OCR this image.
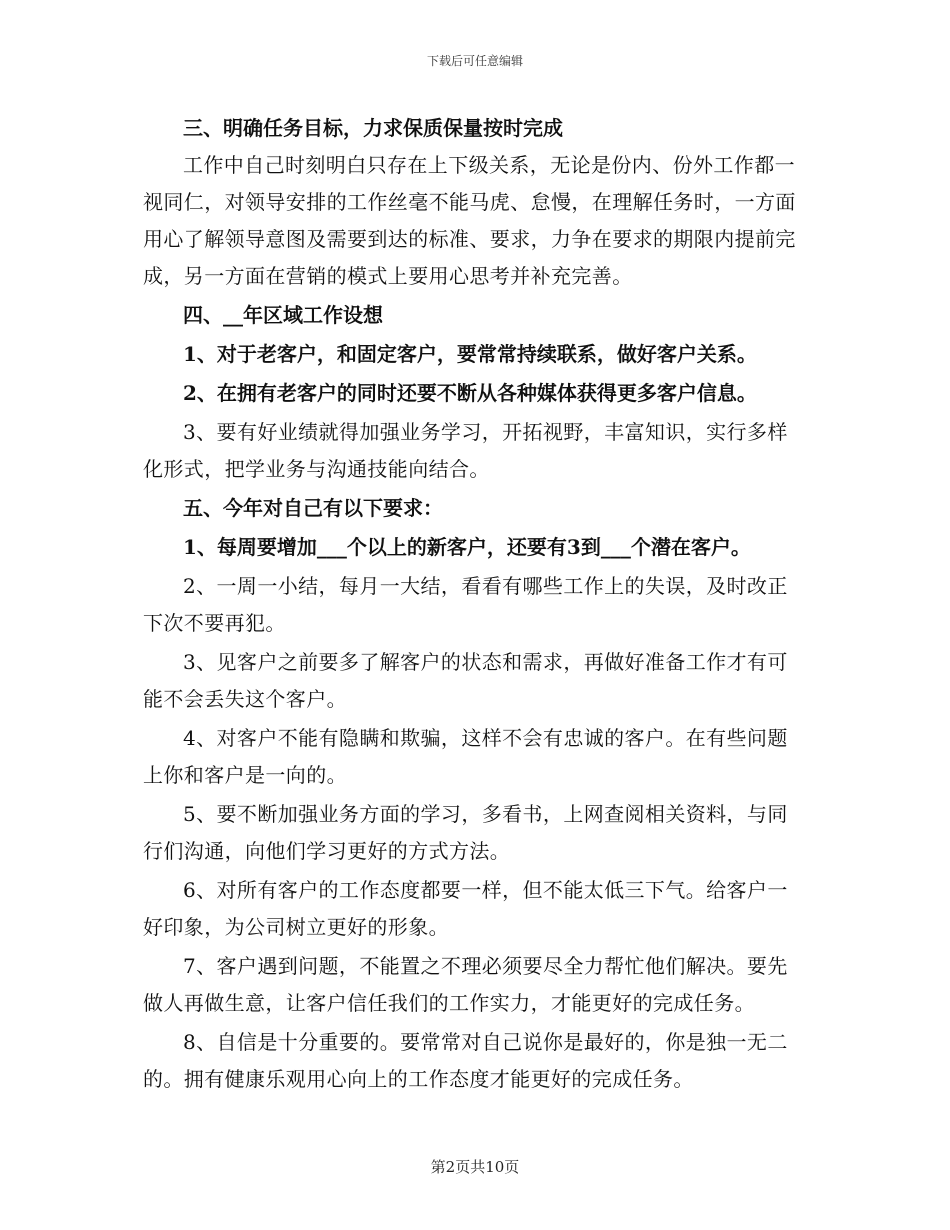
下载后可任意编辑

三、明确任务目标，力求保质保量按时完成

工作中自己时刻明白只存在上下级关系，无论是份内、份外工作都一视同仁，对领导安排的工作丝毫不能马虎、怠慢，在理解任务时，一方面用心了解领导意图及需要到达的标准、要求，力争在要求的期限内提前完成，另一方面在营销的模式上要用心思考并补充完善。

四、__年区域工作设想

1、对于老客户，和固定客户，要常常持续联系，做好客户关系。

2、在拥有老客户的同时还要不断从各种媒体获得更多客户信息。

3、要有好业绩就得加强业务学习，开拓视野，丰富知识，实行多样化形式，把学业务与沟通技能向结合。

五、今年对自己有以下要求：

1、每周要增加___个以上的新客户，还要有3到___个潜在客户。

2、一周一小结，每月一大结，看看有哪些工作上的失误，及时改正下次不要再犯。

3、见客户之前要多了解客户的状态和需求，再做好准备工作才有可能不会丢失这个客户。

4、对客户不能有隐瞒和欺骗，这样不会有忠诚的客户。在有些问题上你和客户是一向的。

5、要不断加强业务方面的学习，多看书，上网查阅相关资料，与同行们沟通，向他们学习更好的方式方法。

6、对所有客户的工作态度都要一样，但不能太低三下气。给客户一好印象，为公司树立更好的形象。

7、客户遇到问题，不能置之不理必须要尽全力帮忙他们解决。要先做人再做生意，让客户信任我们的工作实力，才能更好的完成任务。

8、自信是十分重要的。要常常对自己说你是最好的，你是独一无二的。拥有健康乐观用心向上的工作态度才能更好的完成任务。

第2页共10页
